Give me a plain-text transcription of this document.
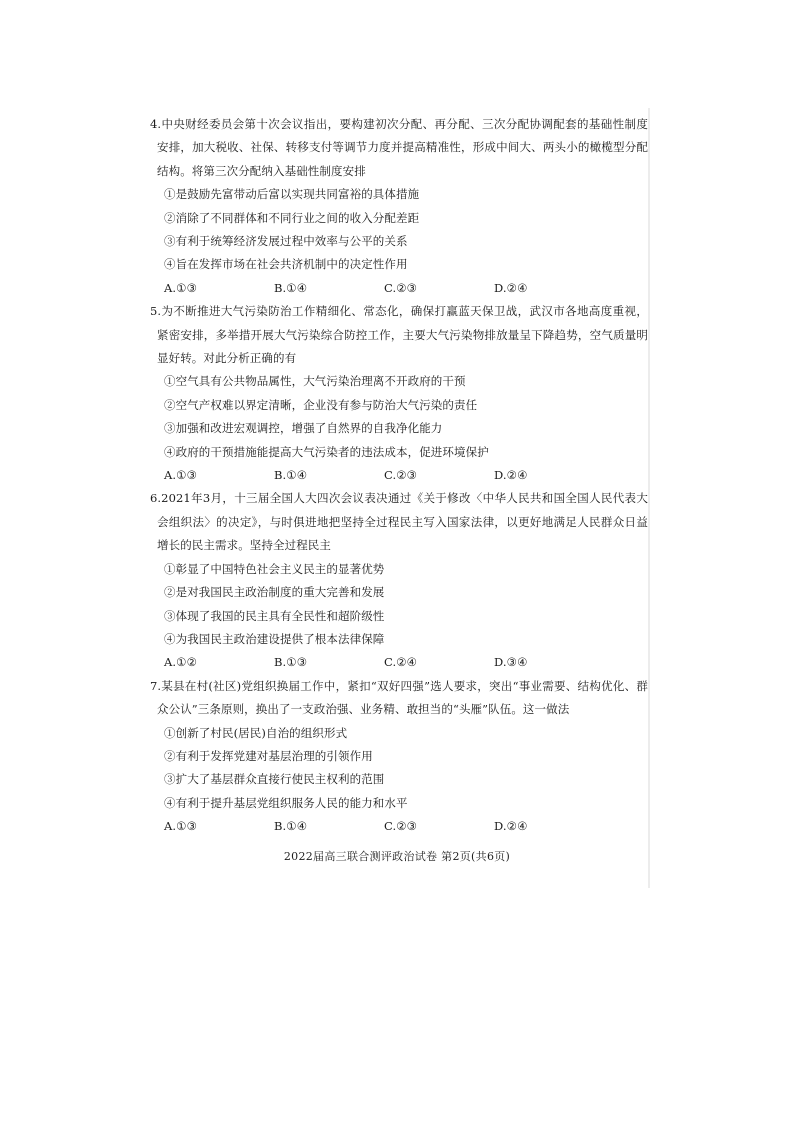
4.中央财经委员会第十次会议指出，要构建初次分配、再分配、三次分配协调配套的基础性制度安排，加大税收、社保、转移支付等调节力度并提高精准性，形成中间大、两头小的橄榄型分配结构。将第三次分配纳入基础性制度安排

①是鼓励先富带动后富以实现共同富裕的具体措施

②消除了不同群体和不同行业之间的收入分配差距

③有利于统筹经济发展过程中效率与公平的关系

④旨在发挥市场在社会共济机制中的决定性作用

A.①③	B.①④	C.②③	D.②④

5.为不断推进大气污染防治工作精细化、常态化，确保打赢蓝天保卫战，武汉市各地高度重视，紧密安排，多举措开展大气污染综合防控工作，主要大气污染物排放量呈下降趋势，空气质量明显好转。对此分析正确的有

①空气具有公共物品属性，大气污染治理离不开政府的干预

②空气产权难以界定清晰，企业没有参与防治大气污染的责任

③加强和改进宏观调控，增强了自然界的自我净化能力

④政府的干预措施能提高大气污染者的违法成本，促进环境保护

A.①③	B.①④	C.②③	D.②④

6.2021年3月，十三届全国人大四次会议表决通过《关于修改〈中华人民共和国全国人民代表大会组织法〉的决定》，与时俱进地把坚持全过程民主写入国家法律，以更好地满足人民群众日益增长的民主需求。坚持全过程民主

①彰显了中国特色社会主义民主的显著优势

②是对我国民主政治制度的重大完善和发展

③体现了我国的民主具有全民性和超阶级性

④为我国民主政治建设提供了根本法律保障

A.①②	B.①③	C.②④	D.③④

7.某县在村(社区)党组织换届工作中，紧扣“双好四强”选人要求，突出“事业需要、结构优化、群众公认”三条原则，换出了一支政治强、业务精、敢担当的“头雁”队伍。这一做法

①创新了村民(居民)自治的组织形式

②有利于发挥党建对基层治理的引领作用

③扩大了基层群众直接行使民主权利的范围

④有利于提升基层党组织服务人民的能力和水平

A.①③	B.①④	C.②③	D.②④
2022届高三联合测评政治试卷 第2页(共6页)
